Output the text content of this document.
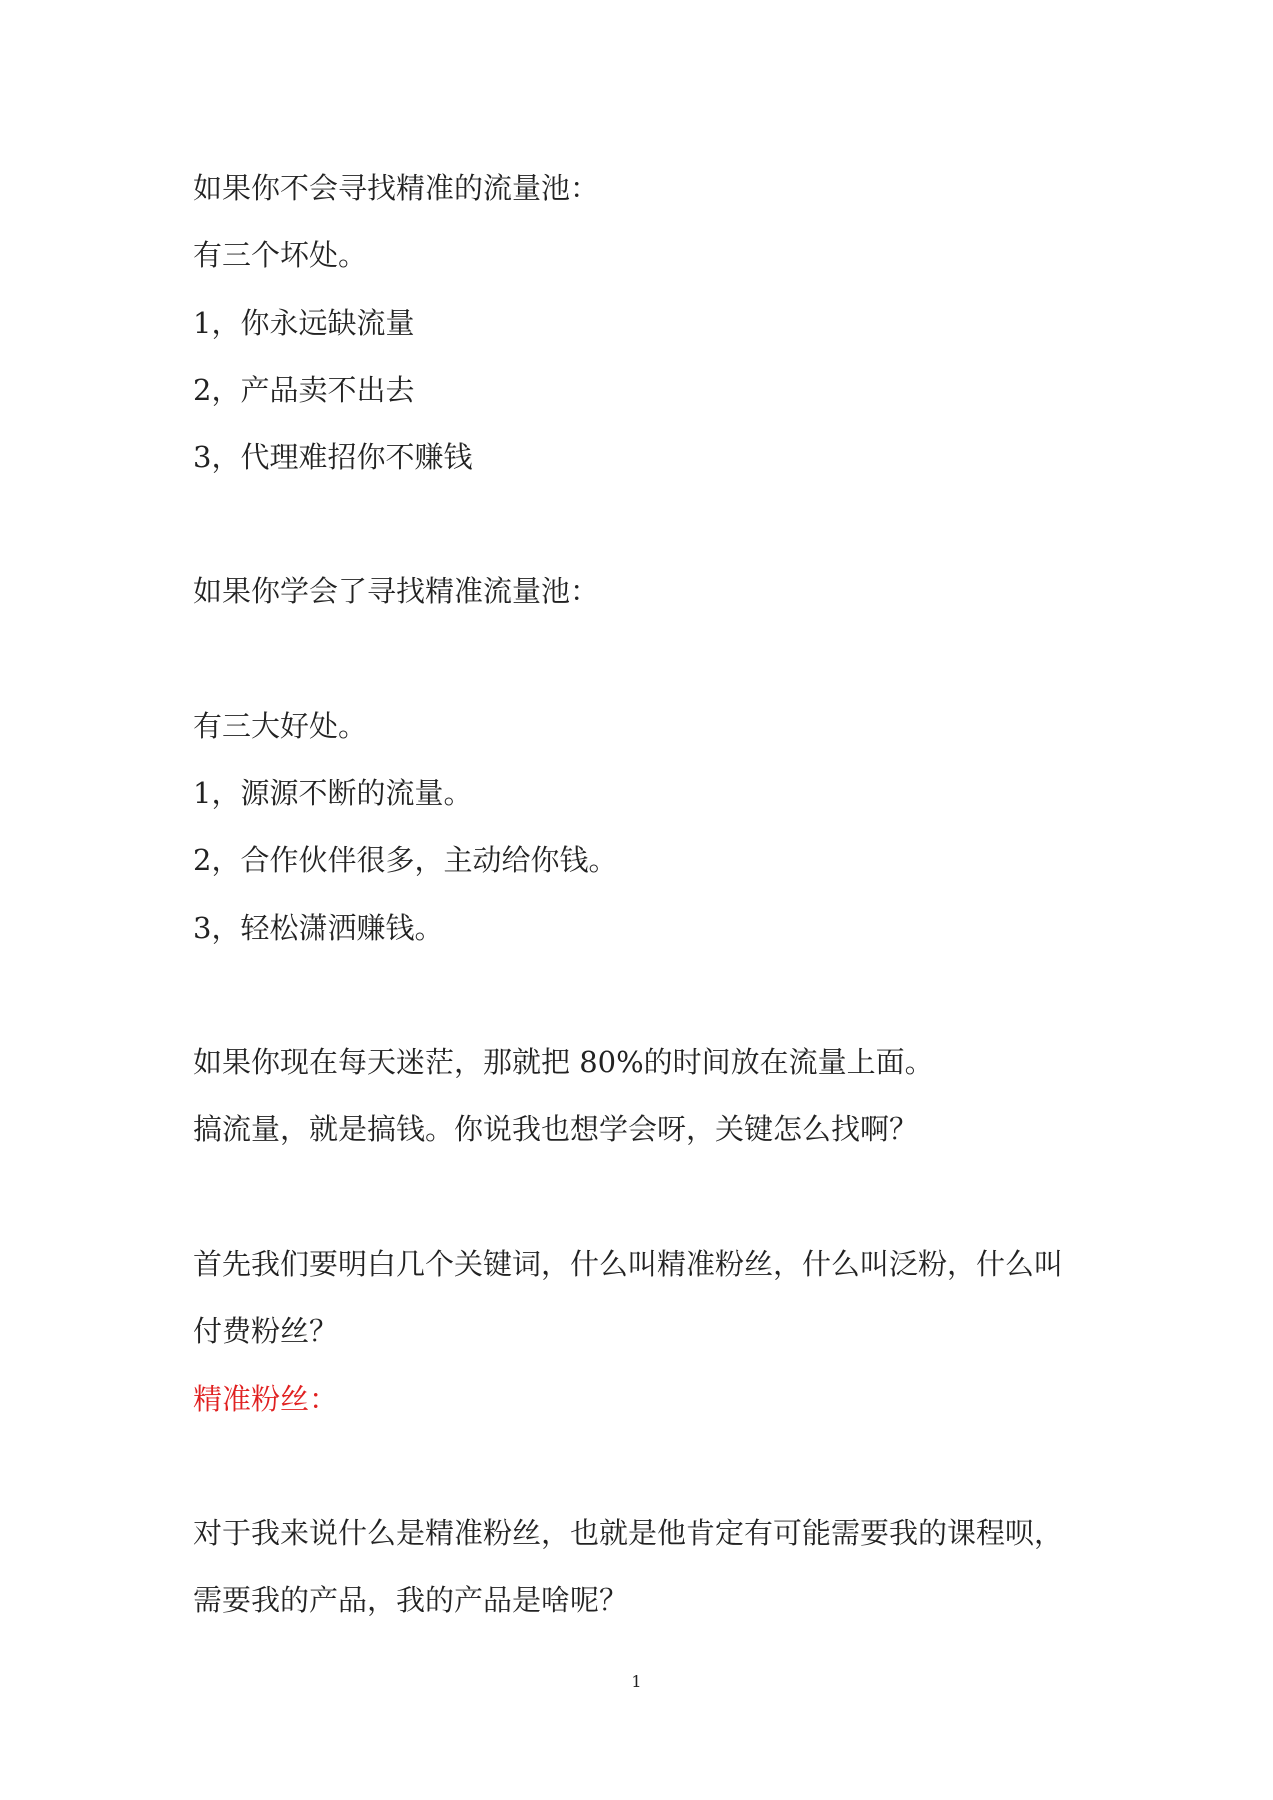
如果你不会寻找精准的流量池：
有三个坏处。
1，你永远缺流量
2，产品卖不出去
3，代理难招你不赚钱
如果你学会了寻找精准流量池：
有三大好处。
1，源源不断的流量。
2，合作伙伴很多，主动给你钱。
3，轻松潇洒赚钱。
如果你现在每天迷茫，那就把 80%的时间放在流量上面。
搞流量，就是搞钱。你说我也想学会呀，关键怎么找啊？
首先我们要明白几个关键词，什么叫精准粉丝，什么叫泛粉，什么叫
付费粉丝？
精准粉丝：
对于我来说什么是精准粉丝，也就是他肯定有可能需要我的课程呗，
需要我的产品，我的产品是啥呢？
1
